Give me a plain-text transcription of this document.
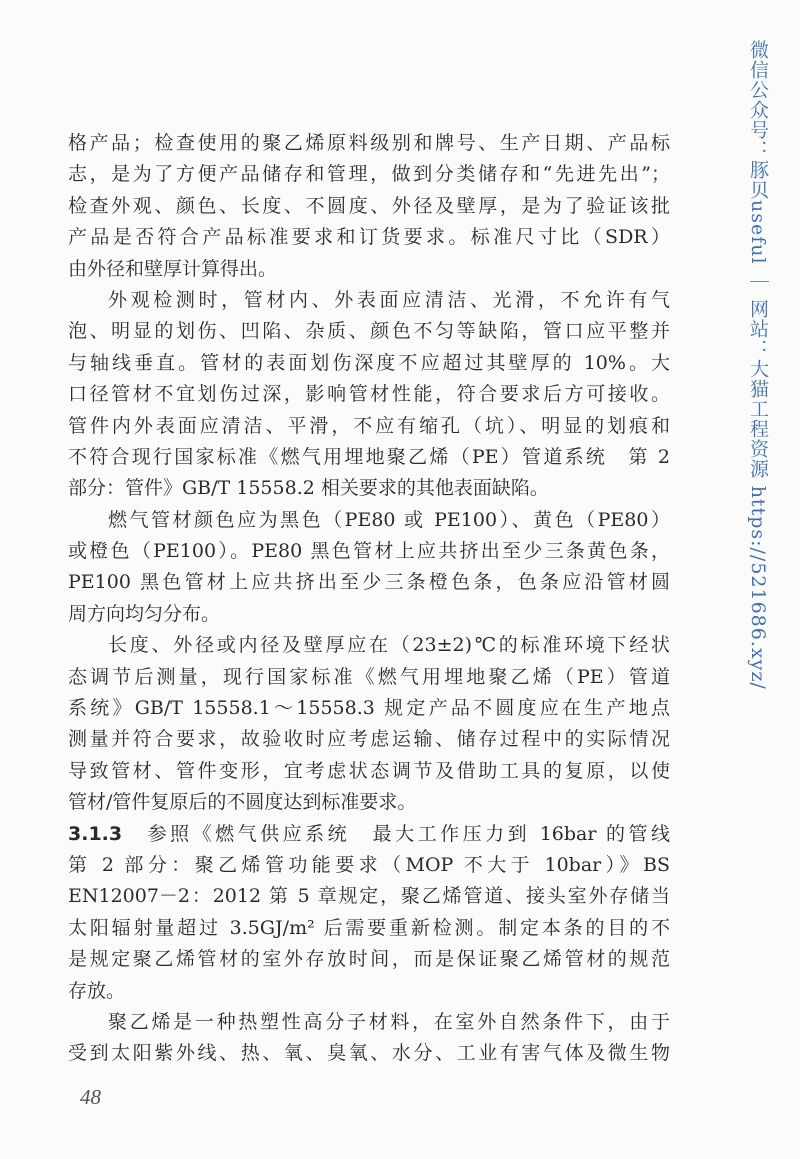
格产品；检查使用的聚乙烯原料级别和牌号、生产日期、产品标
志，是为了方便产品储存和管理，做到分类储存和“先进先出”；
检查外观、颜色、长度、不圆度、外径及壁厚，是为了验证该批
产品是否符合产品标准要求和订货要求。标准尺寸比（SDR）
由外径和壁厚计算得出。
外观检测时，管材内、外表面应清洁、光滑，不允许有气
泡、明显的划伤、凹陷、杂质、颜色不匀等缺陷，管口应平整并
与轴线垂直。管材的表面划伤深度不应超过其壁厚的 10%。大
口径管材不宜划伤过深，影响管材性能，符合要求后方可接收。
管件内外表面应清洁、平滑，不应有缩孔（坑）、明显的划痕和
不符合现行国家标准《燃气用埋地聚乙烯（PE）管道系统　第 2
部分：管件》GB/T 15558.2 相关要求的其他表面缺陷。
燃气管材颜色应为黑色（PE80 或 PE100）、黄色（PE80）
或橙色（PE100）。PE80 黑色管材上应共挤出至少三条黄色条，
PE100 黑色管材上应共挤出至少三条橙色条，色条应沿管材圆
周方向均匀分布。
长度、外径或内径及壁厚应在（23±2)℃的标准环境下经状
态调节后测量，现行国家标准《燃气用埋地聚乙烯（PE）管道
系统》GB/T 15558.1～15558.3 规定产品不圆度应在生产地点
测量并符合要求，故验收时应考虑运输、储存过程中的实际情况
导致管材、管件变形，宜考虑状态调节及借助工具的复原，以使
管材/管件复原后的不圆度达到标准要求。
3.1.3 参照《燃气供应系统　最大工作压力到 16bar 的管线
第 2 部分：聚乙烯管功能要求（MOP 不大于 10bar）》BS
EN12007－2：2012 第 5 章规定，聚乙烯管道、接头室外存储当
太阳辐射量超过 3.5GJ/m² 后需要重新检测。制定本条的目的不
是规定聚乙烯管材的室外存放时间，而是保证聚乙烯管材的规范
存放。
聚乙烯是一种热塑性高分子材料，在室外自然条件下，由于
受到太阳紫外线、热、氧、臭氧、水分、工业有害气体及微生物
48
微信公众号：豚贝useful ｜ 网站：大猫工程资源 https://521686.xyz/
